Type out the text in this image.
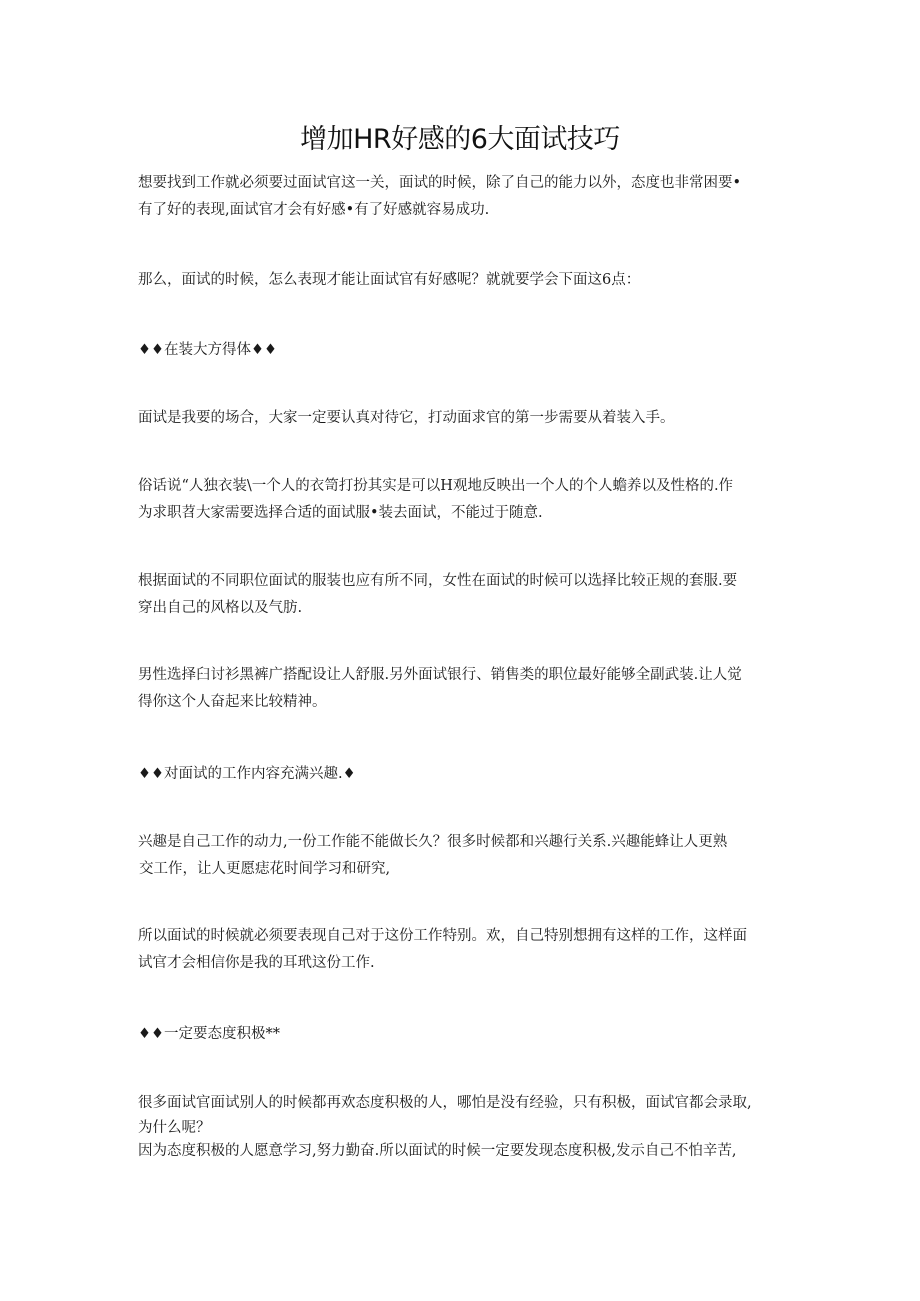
增加HR好感的6大面试技巧

想要找到工作就必须要过面试官这一关，面试的时候，除了自己的能力以外，态度也非常困要•
有了好的表现,面试官才会有好感•有了好感就容易成功.

那么，面试的时候，怎么表现才能让面试官有好感呢？就就要学会下面这6点：

♦♦在装大方得体♦♦

面试是我要的场合，大家一定要认真对待它，打动面求官的第一步需要从着装入手。

俗话说“人独衣装\一个人的衣笥打扮其实是可以H观地反映出一个人的个人蟾养以及性格的.作
为求职苕大家需要选择合适的面试服•装去面试，不能过于随意.

根据面试的不同职位面试的服装也应有所不同，女性在面试的时候可以选择比较正规的套服.要
穿出自己的风格以及气肪.

男性选择臼讨衫黑裤广搭配设让人舒服.另外面试银行、销售类的职位最好能够全副武装.让人觉
得你这个人奋起来比较精神。

♦♦对面试的工作内容充满兴趣.♦

兴趣是自己工作的动力,一份工作能不能做长久？很多时候都和兴趣行关系.兴趣能蜂让人更熟
交工作，让人更愿痣花时间学习和研究,

所以面试的时候就必须要表现自己对于这份工作特别。欢，自己特别想拥有这样的工作，这样面
试官才会相信你是我的耳玳这份工作.

♦♦一定要态度积极**

很多面试官面试别人的时候都再欢态度积极的人，哪怕是没有经验，只有积极，面试官都会录取,
为什么呢？
因为态度积极的人愿意学习,努力勤奋.所以面试的时候一定要发现态度积极,发示自己不怕辛苦,
